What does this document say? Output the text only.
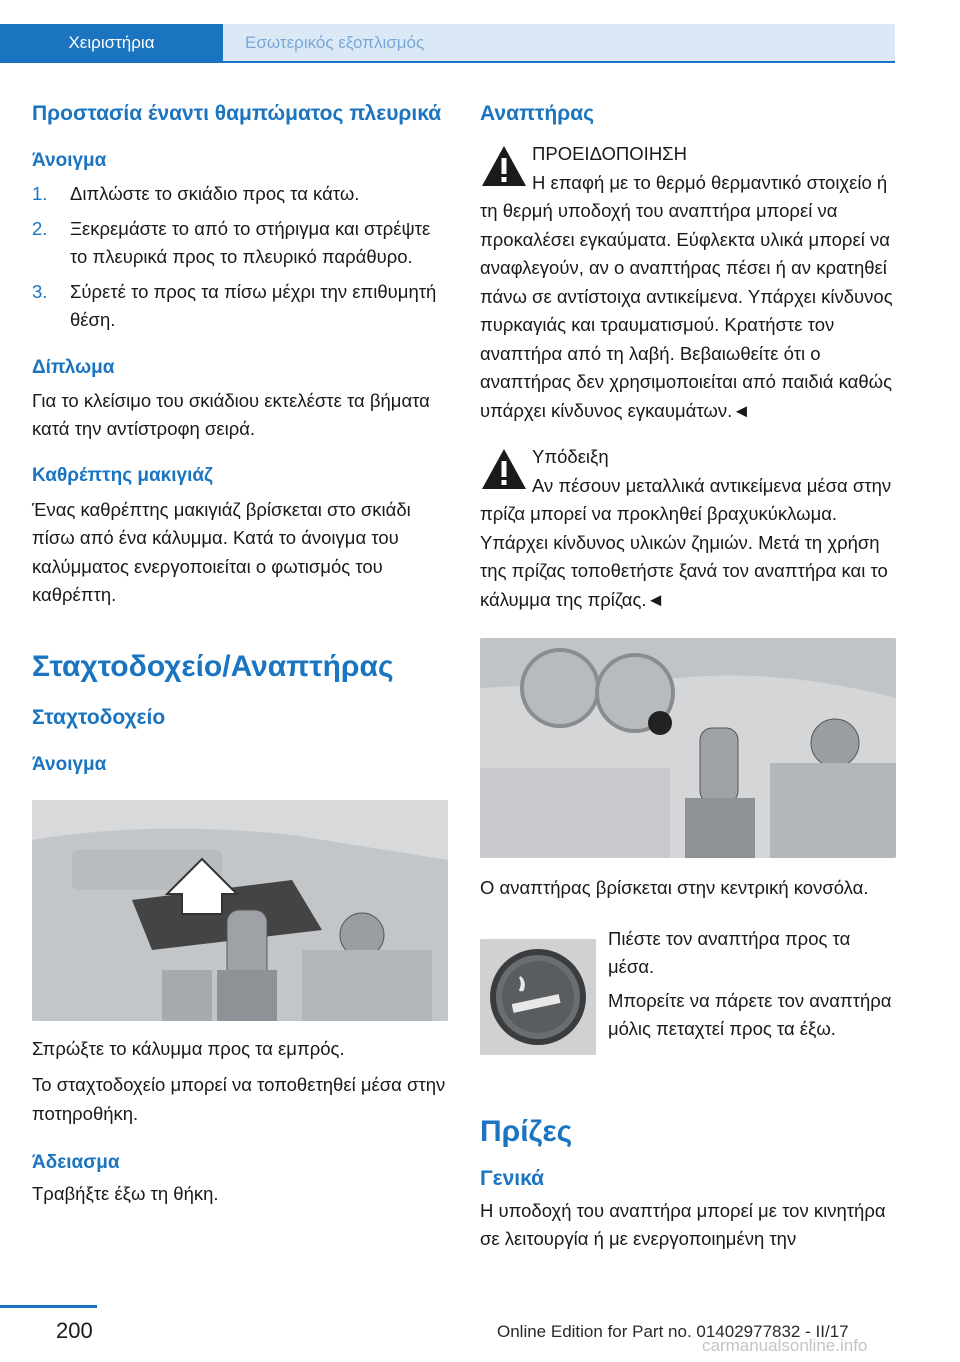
Χειριστήρια	Εσωτερικός εξοπλισμός
Προστασία έναντι θαμπώματος πλευρικά
Άνοιγμα
1. Διπλώστε το σκιάδιο προς τα κάτω.
2. Ξεκρεμάστε το από το στήριγμα και στρέψτε το πλευρικά προς το πλευρικό παράθυρο.
3. Σύρετέ το προς τα πίσω μέχρι την επιθυμητή θέση.
Δίπλωμα

Για το κλείσιμο του σκιάδιου εκτελέστε τα βήματα κατά την αντίστροφη σειρά.

Καθρέπτης μακιγιάζ

Ένας καθρέπτης μακιγιάζ βρίσκεται στο σκιάδι πίσω από ένα κάλυμμα. Κατά το άνοιγμα του καλύμματος ενεργοποιείται ο φωτισμός του καθρέπτη.

Σταχτοδοχείο/Αναπτήρας
Σταχτοδοχείο
Άνοιγμα

Σπρώξτε το κάλυμμα προς τα εμπρός.

Το σταχτοδοχείο μπορεί να τοποθετηθεί μέσα στην ποτηροθήκη.

Άδειασμα

Τραβήξτε έξω τη θήκη.

Αναπτήρας

ΠΡΟΕΙΔΟΠΟΙΗΣΗ
Η επαφή με το θερμό θερμαντικό στοιχείο ή τη θερμή υποδοχή του αναπτήρα μπορεί να προκαλέσει εγκαύματα. Εύφλεκτα υλικά μπορεί να αναφλεγούν, αν ο αναπτήρας πέσει ή αν κρατηθεί πάνω σε αντίστοιχα αντικείμενα. Υπάρχει κίνδυνος πυρκαγιάς και τραυματισμού. Κρατήστε τον αναπτήρα από τη λαβή. Βεβαιωθείτε ότι ο αναπτήρας δεν χρησιμοποιείται από παιδιά καθώς υπάρχει κίνδυνος εγκαυμάτων.◄

Υπόδειξη
Αν πέσουν μεταλλικά αντικείμενα μέσα στην πρίζα μπορεί να προκληθεί βραχυκύκλωμα. Υπάρχει κίνδυνος υλικών ζημιών. Μετά τη χρήση της πρίζας τοποθετήστε ξανά τον αναπτήρα και το κάλυμμα της πρίζας.◄

Ο αναπτήρας βρίσκεται στην κεντρική κονσόλα.

Πιέστε τον αναπτήρα προς τα μέσα.

Μπορείτε να πάρετε τον αναπτήρα μόλις πεταχτεί προς τα έξω.

Πρίζες
Γενικά

Η υποδοχή του αναπτήρα μπορεί με τον κινητήρα σε λειτουργία ή με ενεργοποιημένη την

200	Online Edition for Part no. 01402977832 - II/17
carmanualsonline.info
